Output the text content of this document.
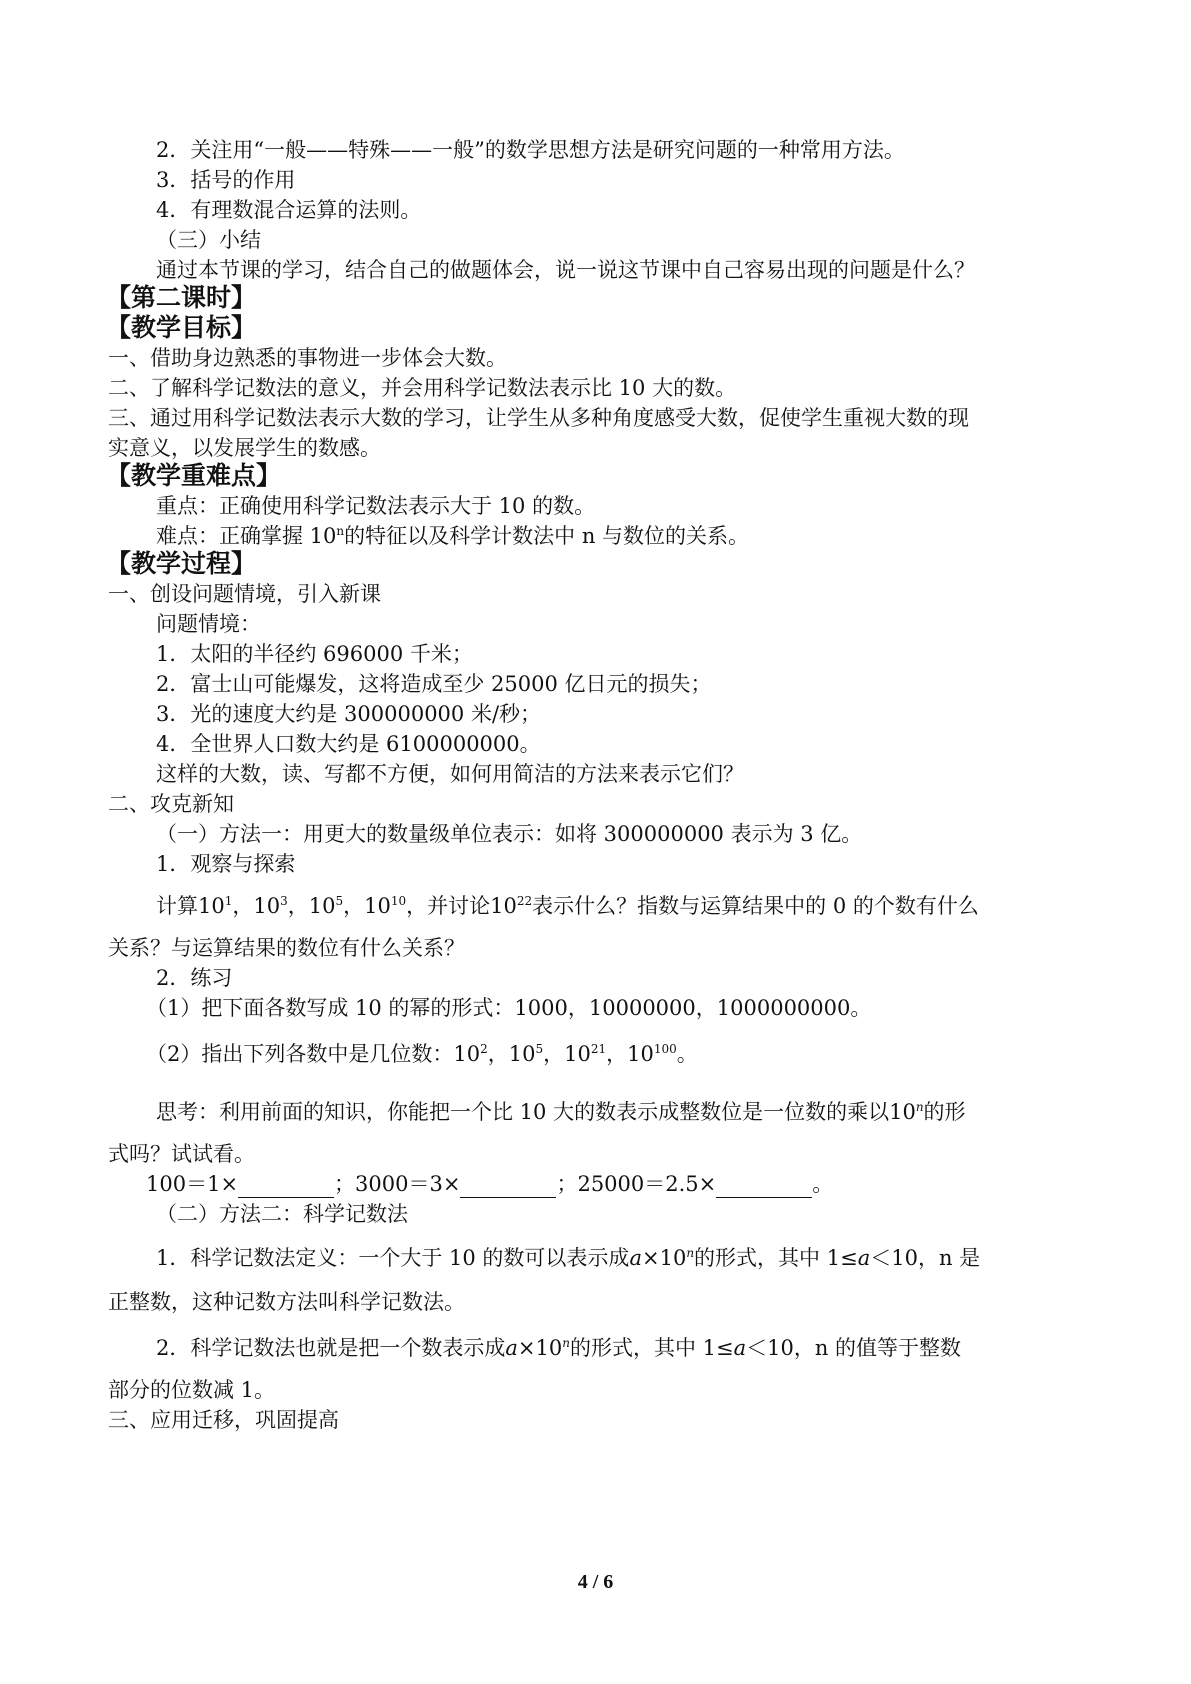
2．关注用“一般——特殊——一般”的数学思想方法是研究问题的一种常用方法。
3．括号的作用
4．有理数混合运算的法则。
（三）小结
通过本节课的学习，结合自己的做题体会，说一说这节课中自己容易出现的问题是什么？
【第二课时】
【教学目标】
一、借助身边熟悉的事物进一步体会大数。
二、了解科学记数法的意义，并会用科学记数法表示比 10 大的数。
三、通过用科学记数法表示大数的学习，让学生从多种角度感受大数，促使学生重视大数的现
实意义，以发展学生的数感。
【教学重难点】
重点：正确使用科学记数法表示大于 10 的数。
难点：正确掌握 10$^n$的特征以及科学计数法中 n 与数位的关系。
【教学过程】
一、创设问题情境，引入新课
问题情境：
1．太阳的半径约 696000 千米；
2．富士山可能爆发，这将造成至少 25000 亿日元的损失；
3．光的速度大约是 300000000 米/秒；
4．全世界人口数大约是 6100000000。
这样的大数，读、写都不方便，如何用简洁的方法来表示它们？
二、攻克新知
（一）方法一：用更大的数量级单位表示：如将 300000000 表示为 3 亿。
1．观察与探索
计算$10^1$，$10^3$，$10^5$，$10^{10}$，并讨论$10^{22}$表示什么？指数与运算结果中的 0 的个数有什么
关系？与运算结果的数位有什么关系？
2．练习
（1）把下面各数写成 10 的幂的形式：1000，10000000，1000000000。
（2）指出下列各数中是几位数：$10^2$，$10^5$，$10^{21}$，$10^{100}$。
思考：利用前面的知识，你能把一个比 10 大的数表示成整数位是一位数的乘以10$^n$的形
式吗？试试看。
100＝1×	；3000＝3×	；25000＝2.5×	。
（二）方法二：科学记数法
1．科学记数法定义：一个大于 10 的数可以表示成$a\times 10^n$的形式，其中 1≤a＜10，n 是
正整数，这种记数方法叫科学记数法。
2．科学记数法也就是把一个数表示成$a\times 10^n$的形式，其中 1≤a＜10，n 的值等于整数
部分的位数减 1。
三、应用迁移，巩固提高
4 / 6
